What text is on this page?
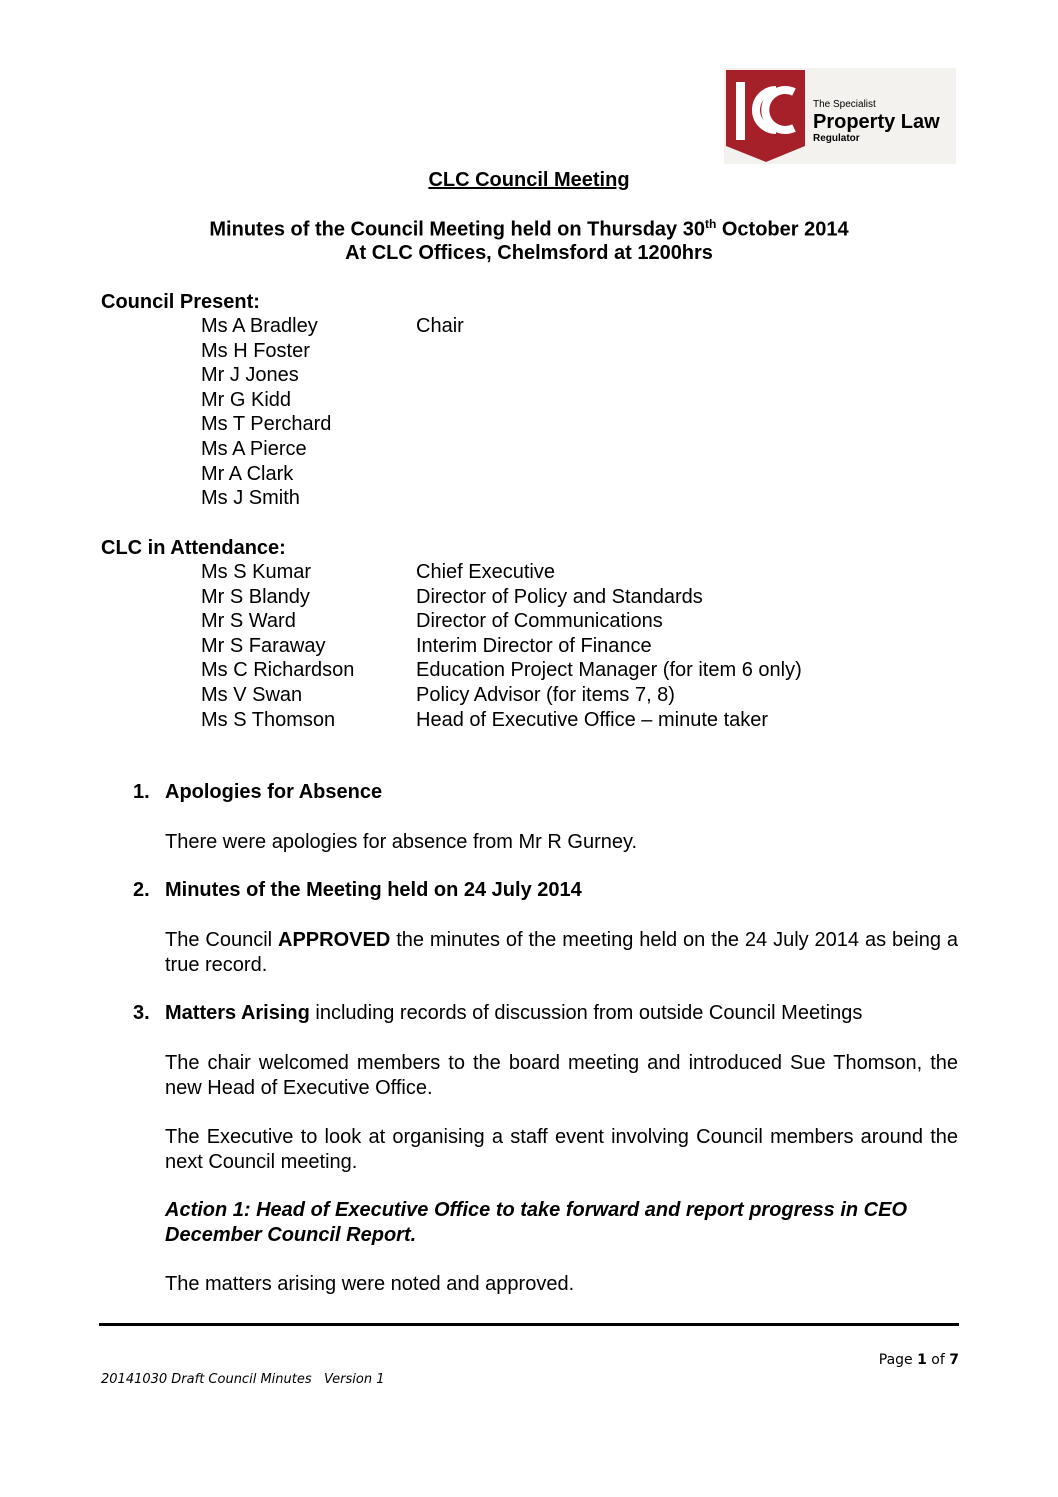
The Specialist
Property Law
Regulator
CLC Council Meeting
Minutes of the Council Meeting held on Thursday 30th October 2014
At CLC Offices, Chelmsford at 1200hrs
Council Present:
Ms A Bradley	Chair
Ms H Foster
Mr J Jones
Mr G Kidd
Ms T Perchard
Ms A Pierce
Mr A Clark
Ms J Smith
CLC in Attendance:
Ms S Kumar	Chief Executive
Mr S Blandy	Director of Policy and Standards
Mr S Ward	Director of Communications
Mr S Faraway	Interim Director of Finance
Ms C Richardson	Education Project Manager (for item 6 only)
Ms V Swan	Policy Advisor (for items 7, 8)
Ms S Thomson	Head of Executive Office – minute taker
1. Apologies for Absence
There were apologies for absence from Mr R Gurney.
2. Minutes of the Meeting held on 24 July 2014
The Council APPROVED the minutes of the meeting held on the 24 July 2014 as being a true record.
3. Matters Arising including records of discussion from outside Council Meetings
The chair welcomed members to the board meeting and introduced Sue Thomson, the new Head of Executive Office.
The Executive to look at organising a staff event involving Council members around the next Council meeting.
Action 1: Head of Executive Office to take forward and report progress in CEO December Council Report.
The matters arising were noted and approved.
Page 1 of 7
20141030 Draft Council Minutes   Version 1
